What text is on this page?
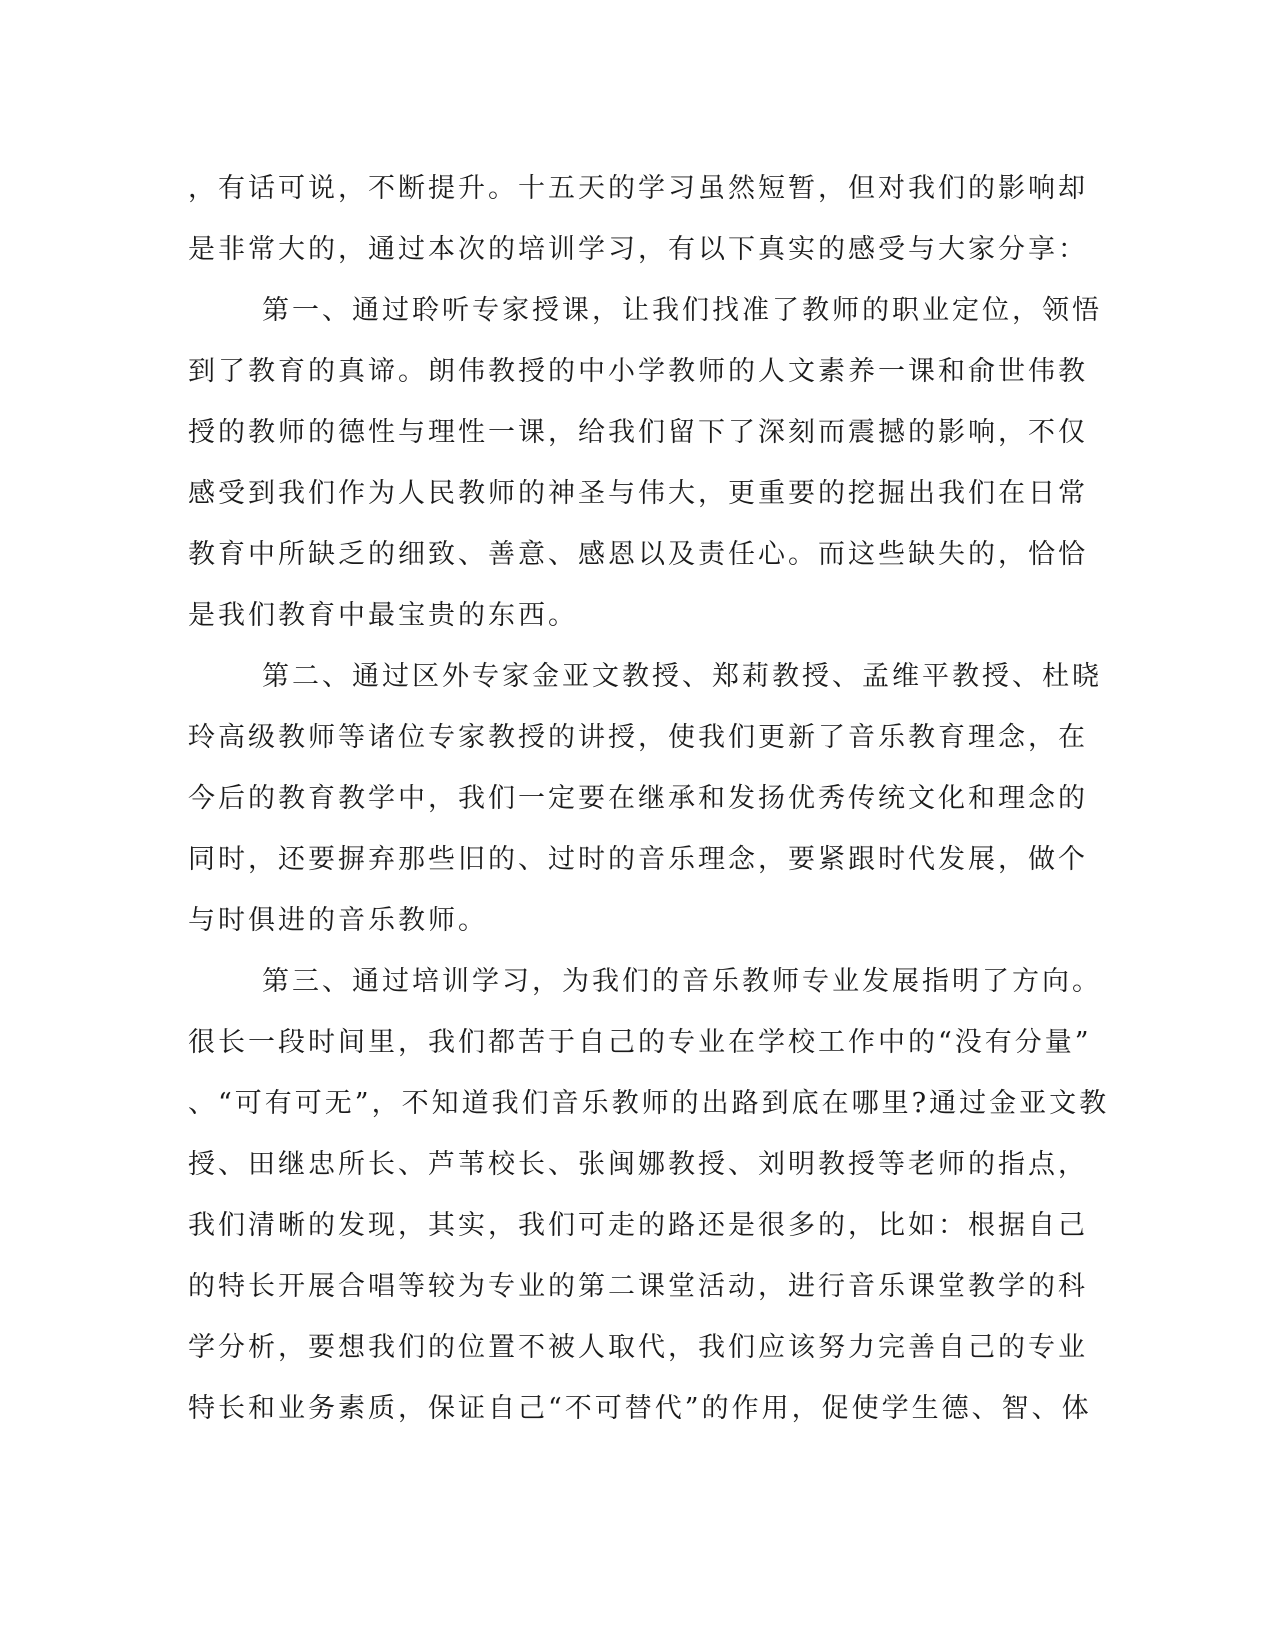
，有话可说，不断提升。十五天的学习虽然短暂，但对我们的影响却
是非常大的，通过本次的培训学习，有以下真实的感受与大家分享：
第一、通过聆听专家授课，让我们找准了教师的职业定位，领悟
到了教育的真谛。朗伟教授的中小学教师的人文素养一课和俞世伟教
授的教师的德性与理性一课，给我们留下了深刻而震撼的影响，不仅
感受到我们作为人民教师的神圣与伟大，更重要的挖掘出我们在日常
教育中所缺乏的细致、善意、感恩以及责任心。而这些缺失的，恰恰
是我们教育中最宝贵的东西。
第二、通过区外专家金亚文教授、郑莉教授、孟维平教授、杜晓
玲高级教师等诸位专家教授的讲授，使我们更新了音乐教育理念，在
今后的教育教学中，我们一定要在继承和发扬优秀传统文化和理念的
同时，还要摒弃那些旧的、过时的音乐理念，要紧跟时代发展，做个
与时俱进的音乐教师。
第三、通过培训学习，为我们的音乐教师专业发展指明了方向。
很长一段时间里，我们都苦于自己的专业在学校工作中的“没有分量”
、“可有可无”，不知道我们音乐教师的出路到底在哪里?通过金亚文教
授、田继忠所长、芦苇校长、张闽娜教授、刘明教授等老师的指点，
我们清晰的发现，其实，我们可走的路还是很多的，比如：根据自己
的特长开展合唱等较为专业的第二课堂活动，进行音乐课堂教学的科
学分析，要想我们的位置不被人取代，我们应该努力完善自己的专业
特长和业务素质，保证自己“不可替代”的作用，促使学生德、智、体
